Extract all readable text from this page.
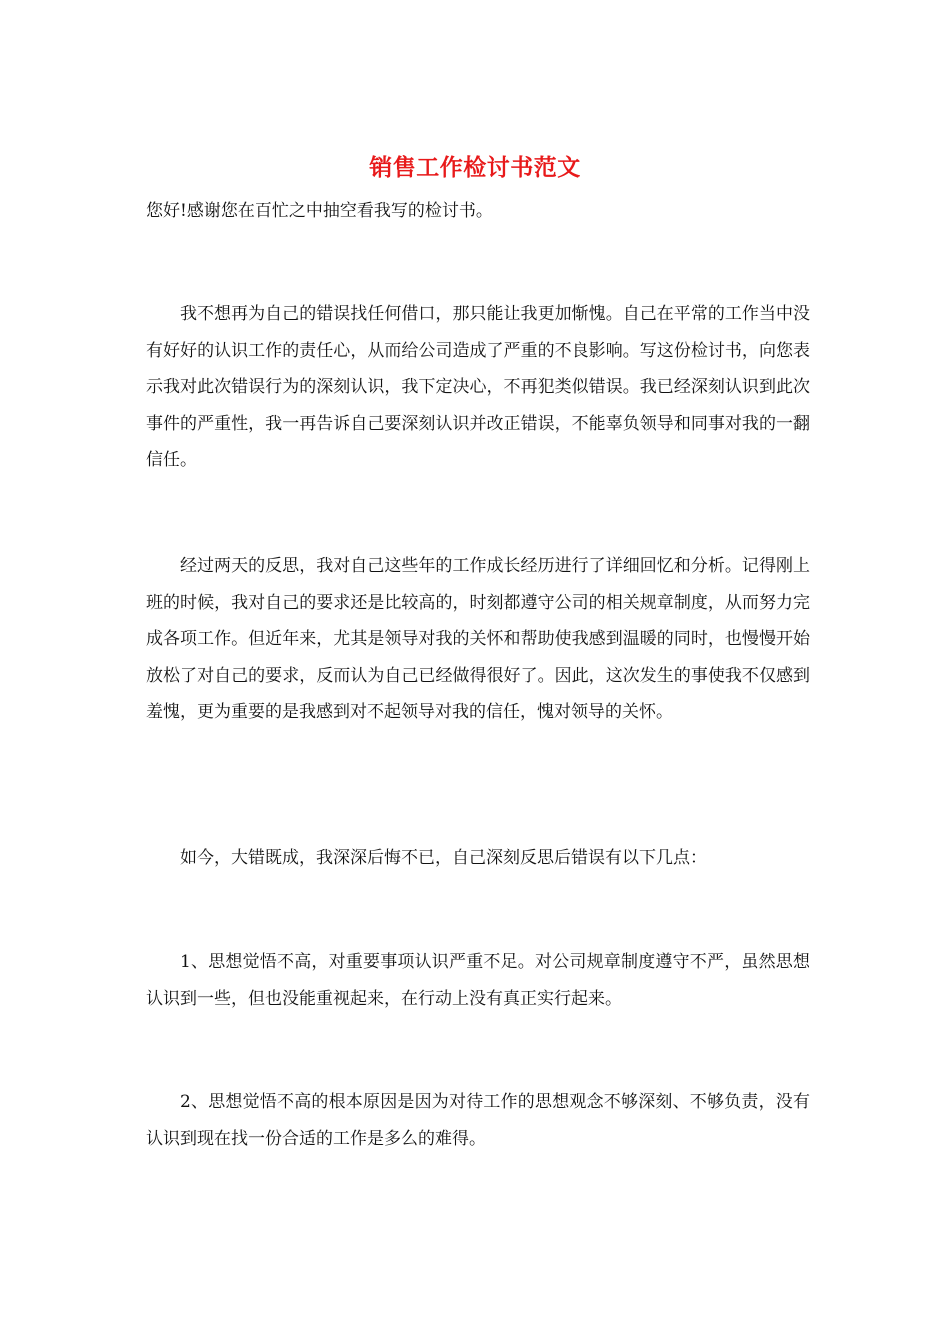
销售工作检讨书范文
您好!感谢您在百忙之中抽空看我写的检讨书。

我不想再为自己的错误找任何借口，那只能让我更加惭愧。自己在平常的工作当中没有好好的认识工作的责任心，从而给公司造成了严重的不良影响。写这份检讨书，向您表示我对此次错误行为的深刻认识，我下定决心，不再犯类似错误。我已经深刻认识到此次事件的严重性，我一再告诉自己要深刻认识并改正错误，不能辜负领导和同事对我的一翻信任。

经过两天的反思，我对自己这些年的工作成长经历进行了详细回忆和分析。记得刚上班的时候，我对自己的要求还是比较高的，时刻都遵守公司的相关规章制度，从而努力完成各项工作。但近年来，尤其是领导对我的关怀和帮助使我感到温暖的同时，也慢慢开始放松了对自己的要求，反而认为自己已经做得很好了。因此，这次发生的事使我不仅感到羞愧，更为重要的是我感到对不起领导对我的信任，愧对领导的关怀。

如今，大错既成，我深深后悔不已，自己深刻反思后错误有以下几点：

1、思想觉悟不高，对重要事项认识严重不足。对公司规章制度遵守不严，虽然思想认识到一些，但也没能重视起来，在行动上没有真正实行起来。

2、思想觉悟不高的根本原因是因为对待工作的思想观念不够深刻、不够负责，没有认识到现在找一份合适的工作是多么的难得。
